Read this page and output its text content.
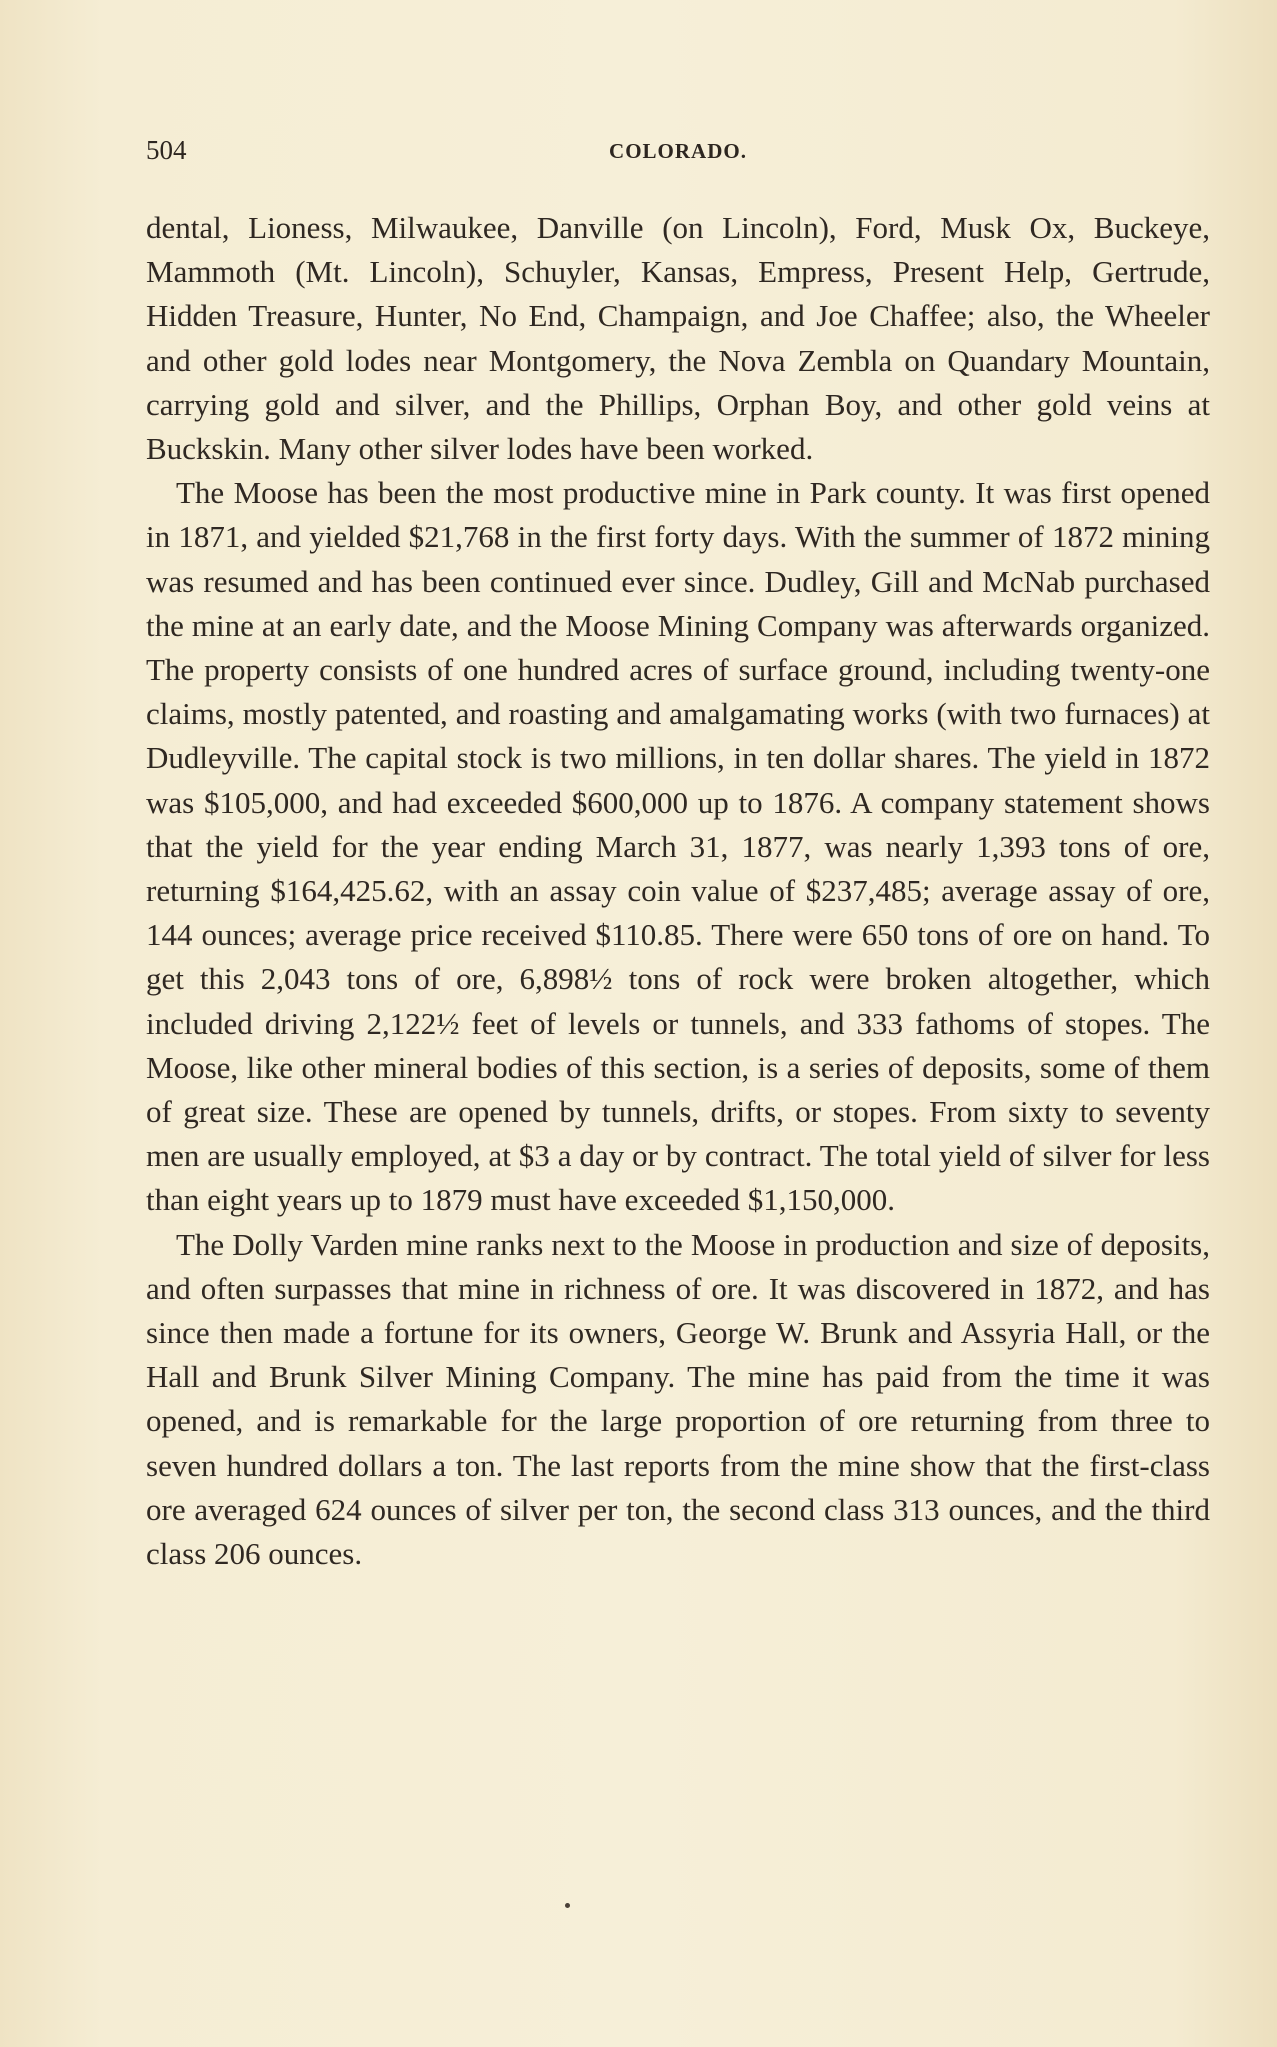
504	COLORADO.

dental, Lioness, Milwaukee, Danville (on Lincoln), Ford, Musk Ox, Buckeye, Mammoth (Mt. Lincoln), Schuyler, Kansas, Empress, Present Help, Gertrude, Hidden Treasure, Hunter, No End, Champaign, and Joe Chaffee; also, the Wheeler and other gold lodes near Montgomery, the Nova Zembla on Quandary Mountain, carrying gold and silver, and the Phillips, Orphan Boy, and other gold veins at Buckskin. Many other silver lodes have been worked.

The Moose has been the most productive mine in Park county. It was first opened in 1871, and yielded $21,768 in the first forty days. With the summer of 1872 mining was resumed and has been continued ever since. Dudley, Gill and McNab purchased the mine at an early date, and the Moose Mining Company was afterwards organized. The property consists of one hundred acres of surface ground, including twenty-one claims, mostly patented, and roasting and amalgamating works (with two furnaces) at Dudleyville. The capital stock is two millions, in ten dollar shares. The yield in 1872 was $105,000, and had exceeded $600,000 up to 1876. A company statement shows that the yield for the year ending March 31, 1877, was nearly 1,393 tons of ore, returning $164,425.62, with an assay coin value of $237,485; average assay of ore, 144 ounces; average price received $110.85. There were 650 tons of ore on hand. To get this 2,043 tons of ore, 6,898½ tons of rock were broken altogether, which included driving 2,122½ feet of levels or tunnels, and 333 fathoms of stopes. The Moose, like other mineral bodies of this section, is a series of deposits, some of them of great size. These are opened by tunnels, drifts, or stopes. From sixty to seventy men are usually employed, at $3 a day or by contract. The total yield of silver for less than eight years up to 1879 must have exceeded $1,150,000.

The Dolly Varden mine ranks next to the Moose in production and size of deposits, and often surpasses that mine in richness of ore. It was discovered in 1872, and has since then made a fortune for its owners, George W. Brunk and Assyria Hall, or the Hall and Brunk Silver Mining Company. The mine has paid from the time it was opened, and is remarkable for the large proportion of ore returning from three to seven hundred dollars a ton. The last reports from the mine show that the first-class ore averaged 624 ounces of silver per ton, the second class 313 ounces, and the third class 206 ounces.
